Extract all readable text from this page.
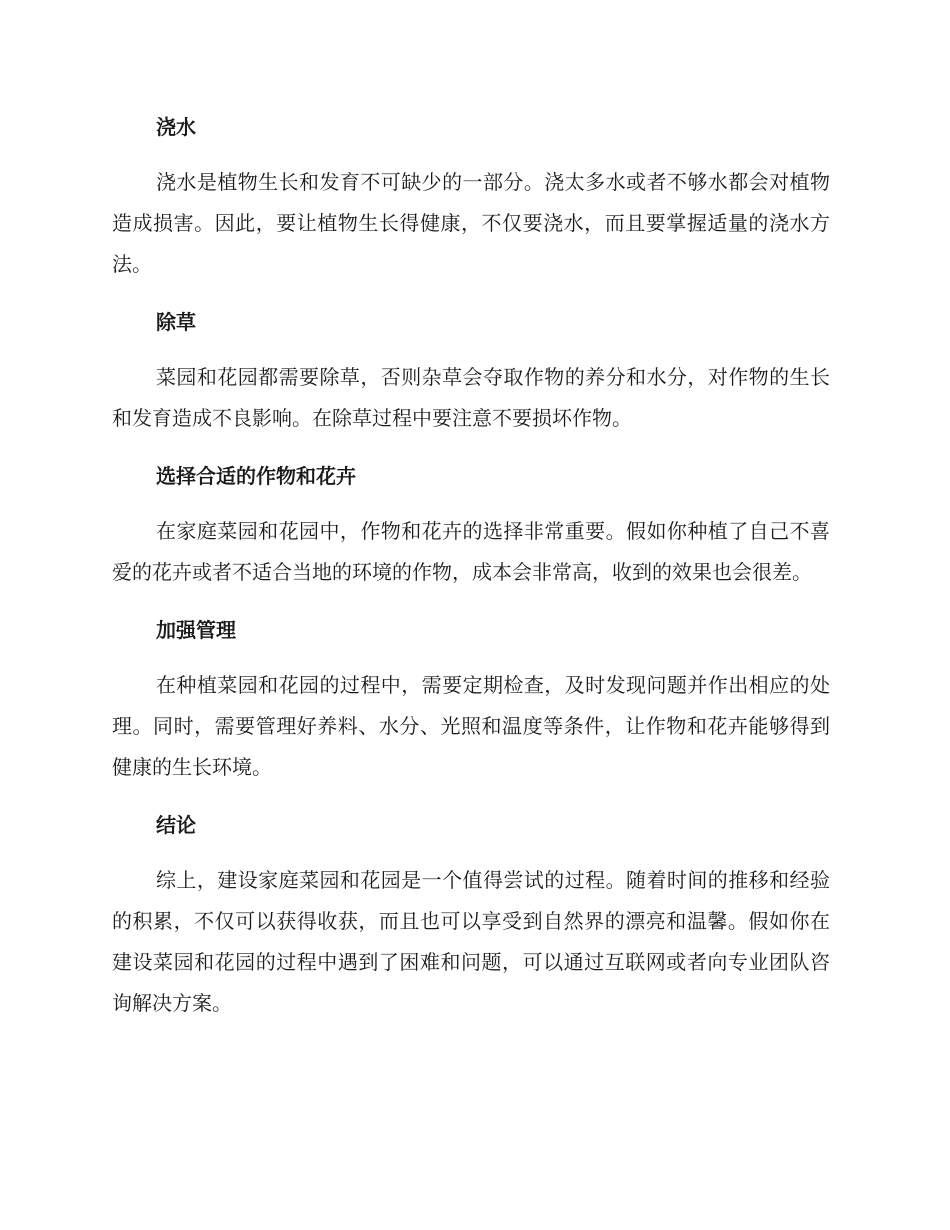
浇水

浇水是植物生长和发育不可缺少的一部分。浇太多水或者不够水都会对植物造成损害。因此，要让植物生长得健康，不仅要浇水，而且要掌握适量的浇水方法。

除草

菜园和花园都需要除草，否则杂草会夺取作物的养分和水分，对作物的生长和发育造成不良影响。在除草过程中要注意不要损坏作物。

选择合适的作物和花卉

在家庭菜园和花园中，作物和花卉的选择非常重要。假如你种植了自己不喜爱的花卉或者不适合当地的环境的作物，成本会非常高，收到的效果也会很差。

加强管理

在种植菜园和花园的过程中，需要定期检查，及时发现问题并作出相应的处理。同时，需要管理好养料、水分、光照和温度等条件，让作物和花卉能够得到健康的生长环境。

结论

综上，建设家庭菜园和花园是一个值得尝试的过程。随着时间的推移和经验的积累，不仅可以获得收获，而且也可以享受到自然界的漂亮和温馨。假如你在建设菜园和花园的过程中遇到了困难和问题，可以通过互联网或者向专业团队咨询解决方案。
